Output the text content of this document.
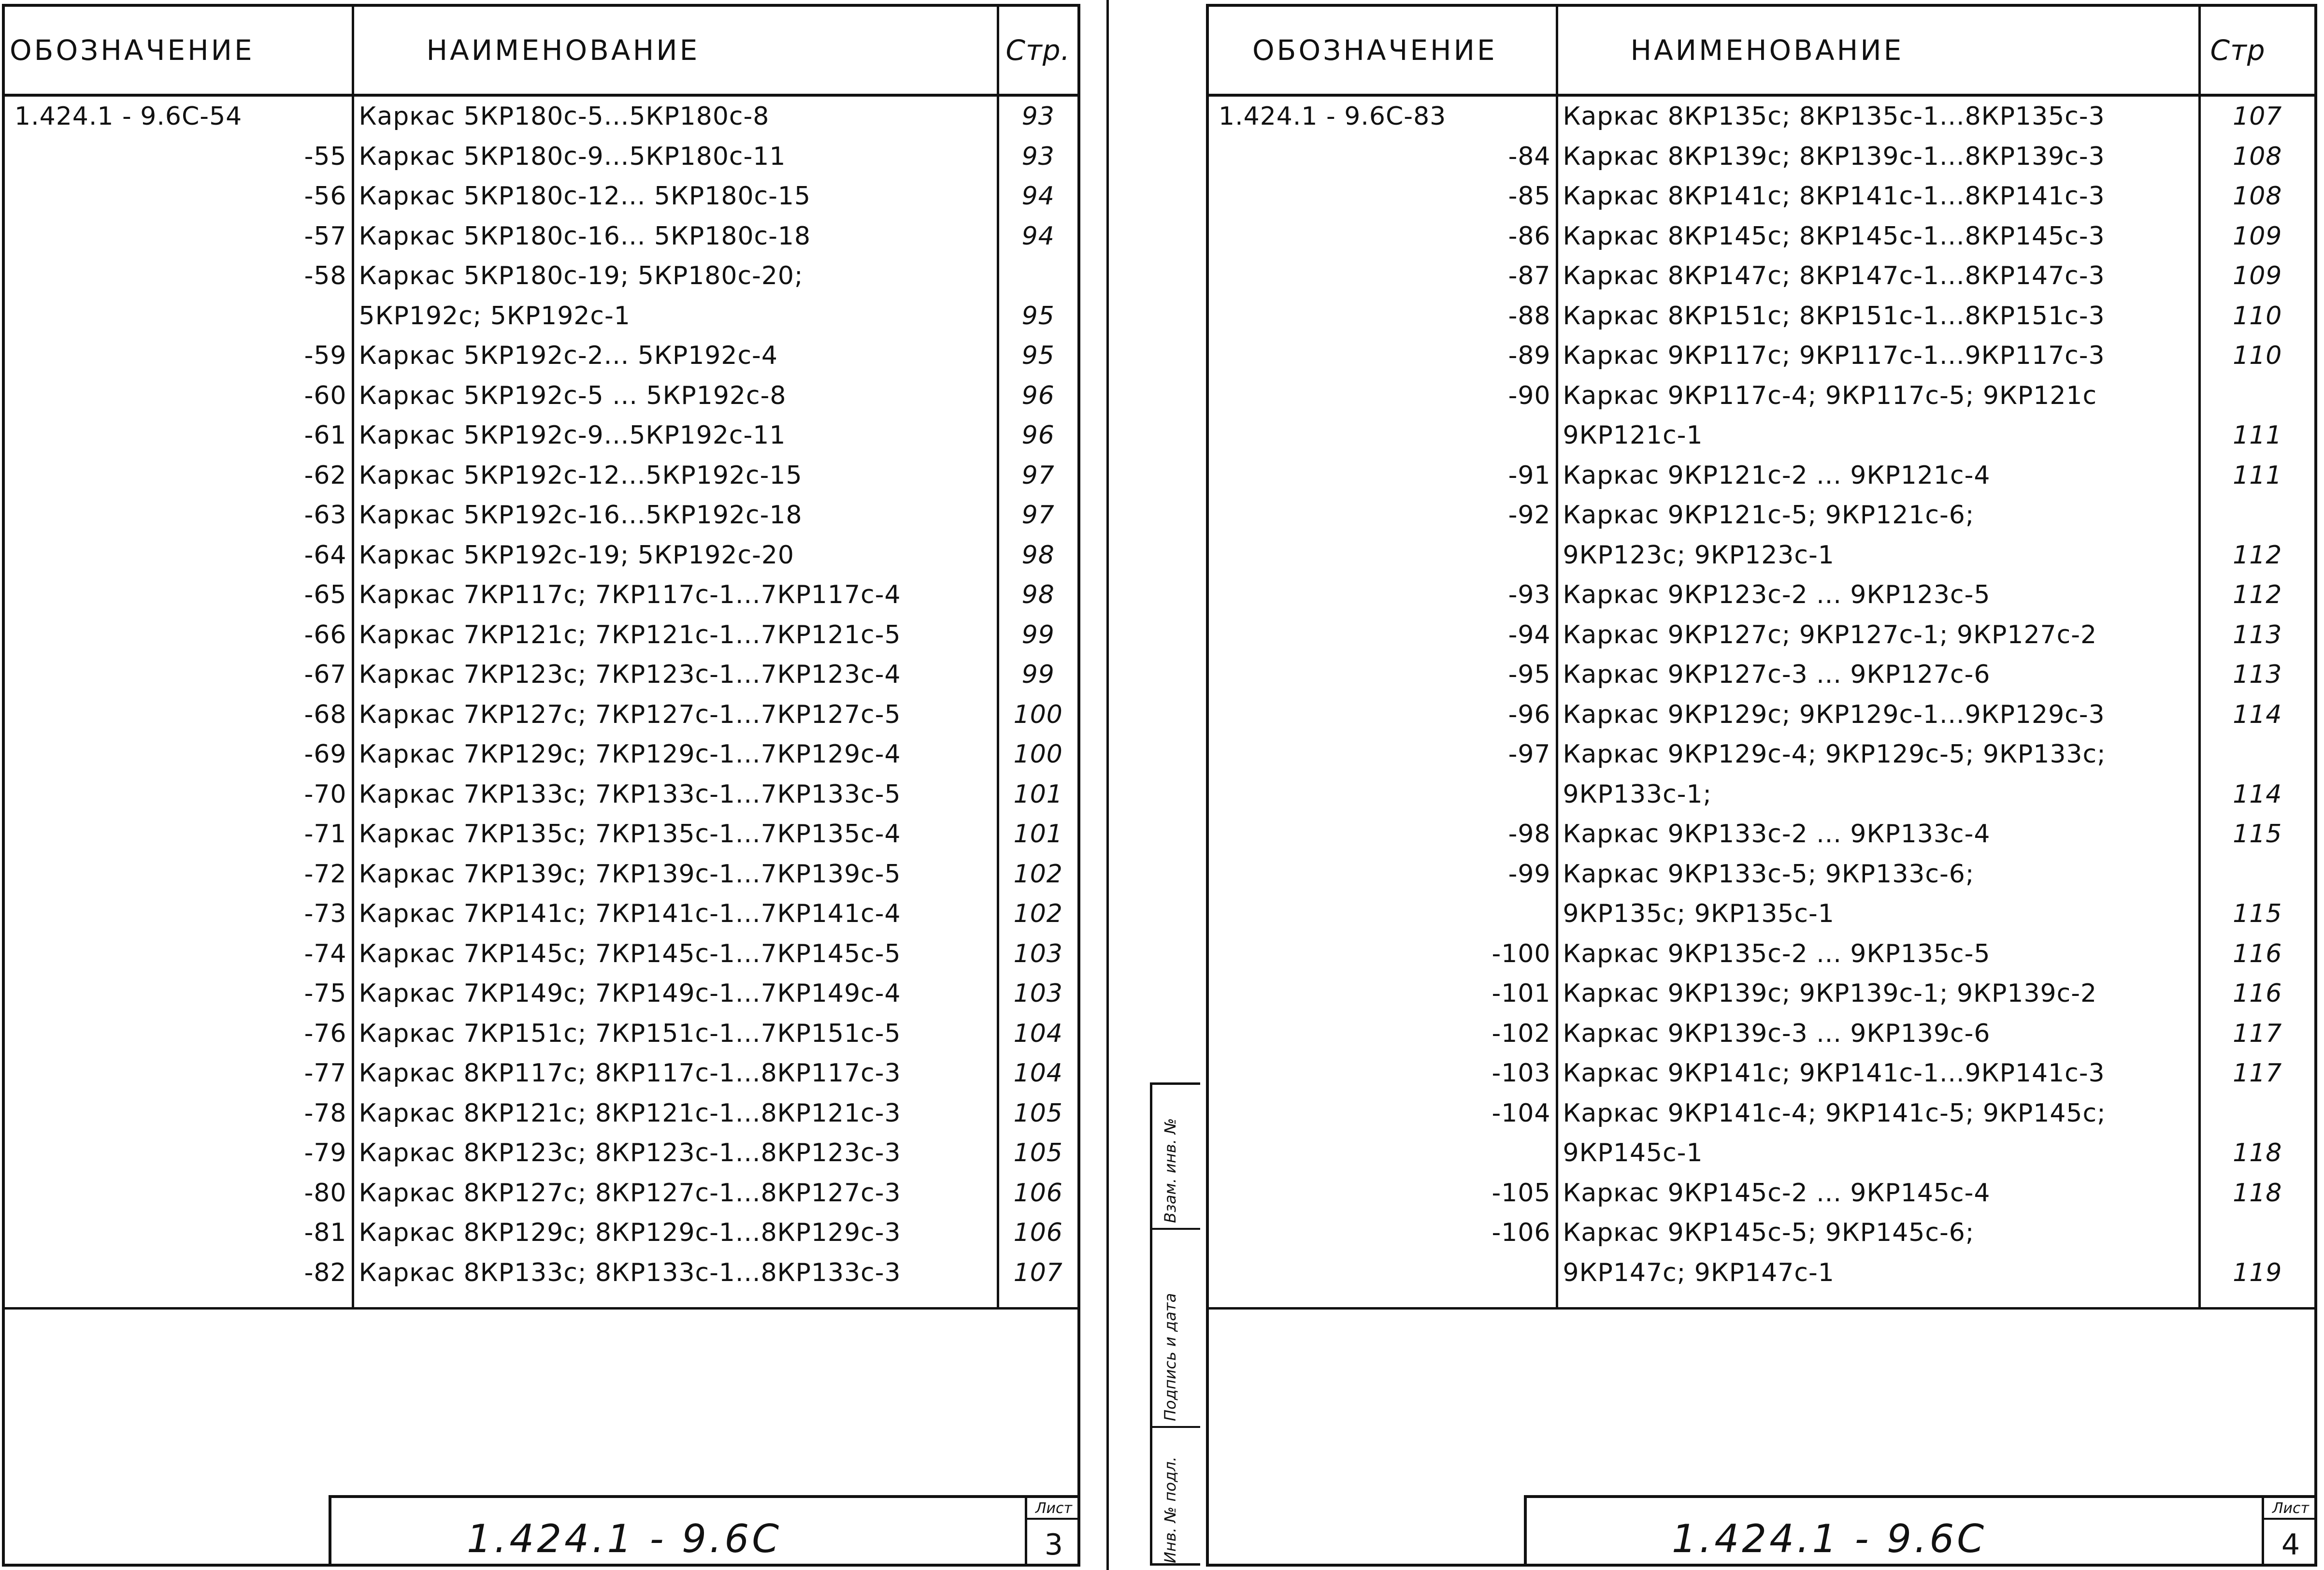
ОБОЗНАЧЕНИЕ	НАИМЕНОВАНИЕ	Стр.
1.424.1 - 9.6С-54	Каркас 5КР180с-5...5КР180с-8	93
-55	Каркас 5КР180с-9...5КР180с-11	93
-56	Каркас 5КР180с-12... 5КР180с-15	94
-57	Каркас 5КР180с-16... 5КР180с-18	94
-58	Каркас 5КР180с-19; 5КР180с-20;	
	5КР192с; 5КР192с-1	95
-59	Каркас 5КР192с-2... 5КР192с-4	95
-60	Каркас 5КР192с-5 ... 5КР192с-8	96
-61	Каркас 5КР192с-9...5КР192с-11	96
-62	Каркас 5КР192с-12...5КР192с-15	97
-63	Каркас 5КР192с-16...5КР192с-18	97
-64	Каркас 5КР192с-19; 5КР192с-20	98
-65	Каркас 7КР117с; 7КР117с-1...7КР117с-4	98
-66	Каркас 7КР121с; 7КР121с-1...7КР121с-5	99
-67	Каркас 7КР123с; 7КР123с-1...7КР123с-4	99
-68	Каркас 7КР127с; 7КР127с-1...7КР127с-5	100
-69	Каркас 7КР129с; 7КР129с-1...7КР129с-4	100
-70	Каркас 7КР133с; 7КР133с-1...7КР133с-5	101
-71	Каркас 7КР135с; 7КР135с-1...7КР135с-4	101
-72	Каркас 7КР139с; 7КР139с-1...7КР139с-5	102
-73	Каркас 7КР141с; 7КР141с-1...7КР141с-4	102
-74	Каркас 7КР145с; 7КР145с-1...7КР145с-5	103
-75	Каркас 7КР149с; 7КР149с-1...7КР149с-4	103
-76	Каркас 7КР151с; 7КР151с-1...7КР151с-5	104
-77	Каркас 8КР117с; 8КР117с-1...8КР117с-3	104
-78	Каркас 8КР121с; 8КР121с-1...8КР121с-3	105
-79	Каркас 8КР123с; 8КР123с-1...8КР123с-3	105
-80	Каркас 8КР127с; 8КР127с-1...8КР127с-3	106
-81	Каркас 8КР129с; 8КР129с-1...8КР129с-3	106
-82	Каркас 8КР133с; 8КР133с-1...8КР133с-3	107

1.424.1 - 9.6С
Лист
3
Взам. инв. №
Подпись и дата
Инв. № подл.
ОБОЗНАЧЕНИЕ	НАИМЕНОВАНИЕ	Стр
1.424.1 - 9.6С-83	Каркас 8КР135с; 8КР135с-1...8КР135с-3	107
-84	Каркас 8КР139с; 8КР139с-1...8КР139с-3	108
-85	Каркас 8КР141с; 8КР141с-1...8КР141с-3	108
-86	Каркас 8КР145с; 8КР145с-1...8КР145с-3	109
-87	Каркас 8КР147с; 8КР147с-1...8КР147с-3	109
-88	Каркас 8КР151с; 8КР151с-1...8КР151с-3	110
-89	Каркас 9КР117с; 9КР117с-1...9КР117с-3	110
-90	Каркас 9КР117с-4; 9КР117с-5; 9КР121с	
	9КР121с-1	111
-91	Каркас 9КР121с-2 ... 9КР121с-4	111
-92	Каркас 9КР121с-5; 9КР121с-6;	
	9КР123с; 9КР123с-1	112
-93	Каркас 9КР123с-2 ... 9КР123с-5	112
-94	Каркас 9КР127с; 9КР127с-1; 9КР127с-2	113
-95	Каркас 9КР127с-3 ... 9КР127с-6	113
-96	Каркас 9КР129с; 9КР129с-1...9КР129с-3	114
-97	Каркас 9КР129с-4; 9КР129с-5; 9КР133с;	
	9КР133с-1;	114
-98	Каркас 9КР133с-2 ... 9КР133с-4	115
-99	Каркас 9КР133с-5; 9КР133с-6;	
	9КР135с; 9КР135с-1	115
-100	Каркас 9КР135с-2 ... 9КР135с-5	116
-101	Каркас 9КР139с; 9КР139с-1; 9КР139с-2	116
-102	Каркас 9КР139с-3 ... 9КР139с-6	117
-103	Каркас 9КР141с; 9КР141с-1...9КР141с-3	117
-104	Каркас 9КР141с-4; 9КР141с-5; 9КР145с;	
	9КР145с-1	118
-105	Каркас 9КР145с-2 ... 9КР145с-4	118
-106	Каркас 9КР145с-5; 9КР145с-6;	
	9КР147с; 9КР147с-1	119

1.424.1 - 9.6С
Лист
4
